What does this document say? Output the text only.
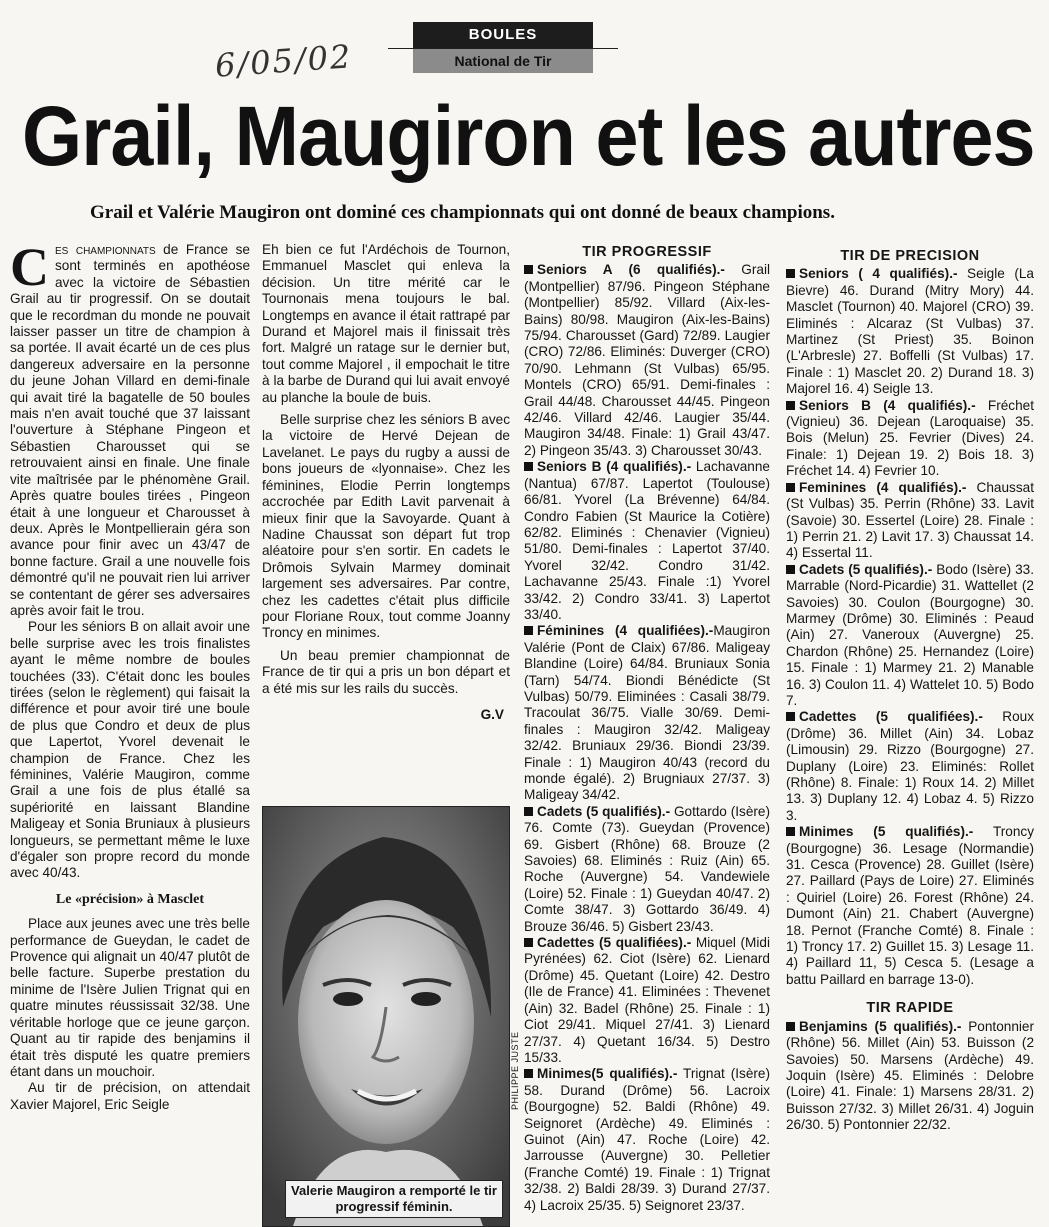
6/05/02
BOULES
National de Tir
Grail, Maugiron et les autres
Grail et Valérie Maugiron ont dominé ces championnats qui ont donné de beaux champions.

Ces championnats de France se sont terminés en apothéose avec la victoire de Sébastien Grail au tir progressif. On se doutait que le recordman du monde ne pouvait laisser passer un titre de champion à sa portée. Il avait écarté un de ces plus dangereux adversaire en la personne du jeune Johan Villard en demi-finale qui avait tiré la bagatelle de 50 boules mais n'en avait touché que 37 laissant l'ouverture à Stéphane Pingeon et Sébastien Charousset qui se retrouvaient ainsi en finale. Une finale vite maîtrisée par le phénomène Grail. Après quatre boules tirées , Pingeon était à une longueur et Charousset à deux. Après le Montpellierain géra son avance pour finir avec un 43/47 de bonne facture. Grail a une nouvelle fois démontré qu'il ne pouvait rien lui arriver se contentant de gérer ses adversaires après avoir fait le trou.

Pour les séniors B on allait avoir une belle surprise avec les trois finalistes ayant le même nombre de boules touchées (33). C'était donc les boules tirées (selon le règlement) qui faisait la différence et pour avoir tiré une boule de plus que Condro et deux de plus que Lapertot, Yvorel devenait le champion de France. Chez les féminines, Valérie Maugiron, comme Grail a une fois de plus étallé sa supériorité en laissant Blandine Maligeay et Sonia Bruniaux à plusieurs longueurs, se permettant même le luxe d'égaler son propre record du monde avec 40/43.

Le «précision» à Masclet

Place aux jeunes avec une très belle performance de Gueydan, le cadet de Provence qui alignait un 40/47 plutôt de belle facture. Superbe prestation du minime de l'Isère Julien Trignat qui en quatre minutes réussissait 32/38. Une véritable horloge que ce jeune garçon. Quant au tir rapide des benjamins il était très disputé les quatre premiers étant dans un mouchoir.

Au tir de précision, on attendait Xavier Majorel, Eric Seigle

Eh bien ce fut l'Ardéchois de Tournon, Emmanuel Masclet qui enleva la décision. Un titre mérité car le Tournonais mena toujours le bal. Longtemps en avance il était rattrapé par Durand et Majorel mais il finissait très fort. Malgré un ratage sur le dernier but, tout comme Majorel , il empochait le titre à la barbe de Durand qui lui avait envoyé au planche la boule de buis.

Belle surprise chez les séniors B avec la victoire de Hervé Dejean de Lavelanet. Le pays du rugby a aussi de bons joueurs de «lyonnaise». Chez les féminines, Elodie Perrin longtemps accrochée par Edith Lavit parvenait à mieux finir que la Savoyarde. Quant à Nadine Chaussat son départ fut trop aléatoire pour s'en sortir. En cadets le Drômois Sylvain Marmey dominait largement ses adversaires. Par contre, chez les cadettes c'était plus difficile pour Floriane Roux, tout comme Joanny Troncy en minimes.

Un beau premier championnat de France de tir qui a pris un bon départ et a été mis sur les rails du succès.

G.V
Valerie Maugiron a remporté le tir progressif féminin.
PHILIPPE JUSTE
TIR PROGRESSIF

Seniors A (6 qualifiés).- Grail (Montpellier) 87/96. Pingeon Stéphane (Montpellier) 85/92. Villard (Aix-les-Bains) 80/98. Maugiron (Aix-les-Bains) 75/94. Charousset (Gard) 72/89. Laugier (CRO) 72/86. Eliminés: Duverger (CRO) 70/90. Lehmann (St Vulbas) 65/95. Montels (CRO) 65/91. Demi-finales : Grail 44/48. Charousset 44/45. Pingeon 42/46. Villard 42/46. Laugier 35/44. Maugiron 34/48. Finale: 1) Grail 43/47. 2) Pingeon 35/43. 3) Charousset 30/43.

Seniors B (4 qualifiés).- Lachavanne (Nantua) 67/87. Lapertot (Toulouse) 66/81. Yvorel (La Brévenne) 64/84. Condro Fabien (St Maurice la Cotière) 62/82. Eliminés : Chenavier (Vignieu) 51/80. Demi-finales : Lapertot 37/40. Yvorel 32/42. Condro 31/42. Lachavanne 25/43. Finale :1) Yvorel 33/42. 2) Condro 33/41. 3) Lapertot 33/40.

Féminines (4 qualifiées).-Maugiron Valérie (Pont de Claix) 67/86. Maligeay Blandine (Loire) 64/84. Bruniaux Sonia (Tarn) 54/74. Biondi Bénédicte (St Vulbas) 50/79. Eliminées : Casali 38/79. Tracoulat 36/75. Vialle 30/69. Demi-finales : Maugiron 32/42. Maligeay 32/42. Bruniaux 29/36. Biondi 23/39. Finale : 1) Maugiron 40/43 (record du monde égalé). 2) Brugniaux 27/37. 3) Maligeay 34/42.

Cadets (5 qualifiés).- Gottardo (Isère) 76. Comte (73). Gueydan (Provence) 69. Gisbert (Rhône) 68. Brouze (2 Savoies) 68. Eliminés : Ruiz (Ain) 65. Roche (Auvergne) 54. Vandewiele (Loire) 52. Finale : 1) Gueydan 40/47. 2) Comte 38/47. 3) Gottardo 36/49. 4) Brouze 36/46. 5) Gisbert 23/43.

Cadettes (5 qualifiées).- Miquel (Midi Pyrénées) 62. Ciot (Isère) 62. Lienard (Drôme) 45. Quetant (Loire) 42. Destro (Ile de France) 41. Eliminées : Thevenet (Ain) 32. Badel (Rhône) 25. Finale : 1) Ciot 29/41. Miquel 27/41. 3) Lienard 27/37. 4) Quetant 16/34. 5) Destro 15/33.

Minimes(5 qualifiés).- Trignat (Isère) 58. Durand (Drôme) 56. Lacroix (Bourgogne) 52. Baldi (Rhône) 49. Seignoret (Ardèche) 49. Eliminés : Guinot (Ain) 47. Roche (Loire) 42. Jarrousse (Auvergne) 30. Pelletier (Franche Comté) 19. Finale : 1) Trignat 32/38. 2) Baldi 28/39. 3) Durand 27/37. 4) Lacroix 25/35. 5) Seignoret 23/37.

TIR DE PRECISION

Seniors ( 4 qualifiés).- Seigle (La Bievre) 46. Durand (Mitry Mory) 44. Masclet (Tournon) 40. Majorel (CRO) 39. Eliminés : Alcaraz (St Vulbas) 37. Martinez (St Priest) 35. Boinon (L'Arbresle) 27. Boffelli (St Vulbas) 17. Finale : 1) Masclet 20. 2) Durand 18. 3) Majorel 16. 4) Seigle 13.

Seniors B (4 qualifiés).- Fréchet (Vignieu) 36. Dejean (Laroquaise) 35. Bois (Melun) 25. Fevrier (Dives) 24. Finale: 1) Dejean 19. 2) Bois 18. 3) Fréchet 14. 4) Fevrier 10.

Feminines (4 qualifiés).- Chaussat (St Vulbas) 35. Perrin (Rhône) 33. Lavit (Savoie) 30. Essertel (Loire) 28. Finale : 1) Perrin 21. 2) Lavit 17. 3) Chaussat 14. 4) Essertal 11.

Cadets (5 qualifiés).- Bodo (Isère) 33. Marrable (Nord-Picardie) 31. Wattellet (2 Savoies) 30. Coulon (Bourgogne) 30. Marmey (Drôme) 30. Eliminés : Peaud (Ain) 27. Vaneroux (Auvergne) 25. Chardon (Rhône) 25. Hernandez (Loire) 15. Finale : 1) Marmey 21. 2) Manable 16. 3) Coulon 11. 4) Wattelet 10. 5) Bodo 7.

Cadettes (5 qualifiées).- Roux (Drôme) 36. Millet (Ain) 34. Lobaz (Limousin) 29. Rizzo (Bourgogne) 27. Duplany (Loire) 23. Eliminés: Rollet (Rhône) 8. Finale: 1) Roux 14. 2) Millet 13. 3) Duplany 12. 4) Lobaz 4. 5) Rizzo 3.

Minimes (5 qualifiés).- Troncy (Bourgogne) 36. Lesage (Normandie) 31. Cesca (Provence) 28. Guillet (Isère) 27. Paillard (Pays de Loire) 27. Eliminés : Quiriel (Loire) 26. Forest (Rhône) 24. Dumont (Ain) 21. Chabert (Auvergne) 18. Pernot (Franche Comté) 8. Finale : 1) Troncy 17. 2) Guillet 15. 3) Lesage 11. 4) Paillard 11, 5) Cesca 5. (Lesage a battu Paillard en barrage 13-0).

TIR RAPIDE

Benjamins (5 qualifiés).- Pontonnier (Rhône) 56. Millet (Ain) 53. Buisson (2 Savoies) 50. Marsens (Ardèche) 49. Joquin (Isère) 45. Eliminés : Delobre (Loire) 41. Finale: 1) Marsens 28/31. 2) Buisson 27/32. 3) Millet 26/31. 4) Joguin 26/30. 5) Pontonnier 22/32.
